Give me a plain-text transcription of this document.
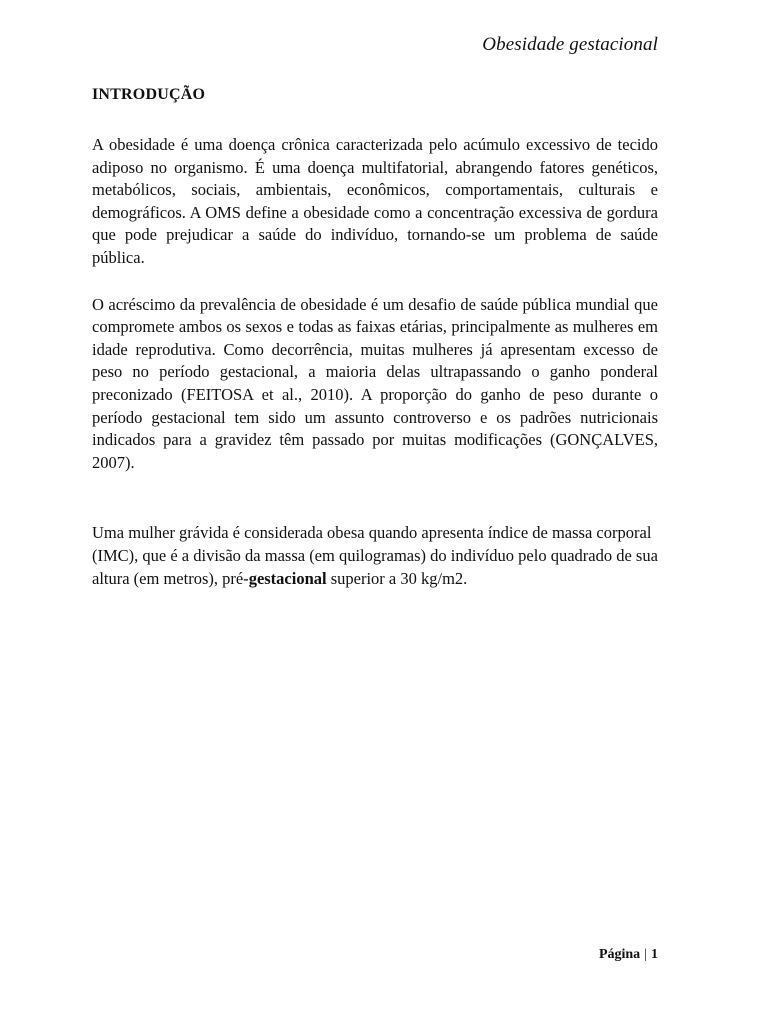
Obesidade gestacional
INTRODUÇÃO

A obesidade é uma doença crônica caracterizada pelo acúmulo excessivo de tecido adiposo no organismo. É uma doença multifatorial, abrangendo fatores genéticos, metabólicos, sociais, ambientais, econômicos, comportamentais, culturais e demográficos. A OMS define a obesidade como a concentração excessiva de gordura que pode prejudicar a saúde do indivíduo, tornando-se um problema de saúde pública.

O acréscimo da prevalência de obesidade é um desafio de saúde pública mundial que compromete ambos os sexos e todas as faixas etárias, principalmente as mulheres em idade reprodutiva. Como decorrência, muitas mulheres já apresentam excesso de peso no período gestacional, a maioria delas ultrapassando o ganho ponderal preconizado (FEITOSA et al., 2010). A proporção do ganho de peso durante o período gestacional tem sido um assunto controverso e os padrões nutricionais indicados para a gravidez têm passado por muitas modificações (GONÇALVES, 2007).

Uma mulher grávida é considerada obesa quando apresenta índice de massa corporal (IMC), que é a divisão da massa (em quilogramas) do indivíduo pelo quadrado de sua altura (em metros), pré-gestacional superior a 30 kg/m2.

Página | 1
